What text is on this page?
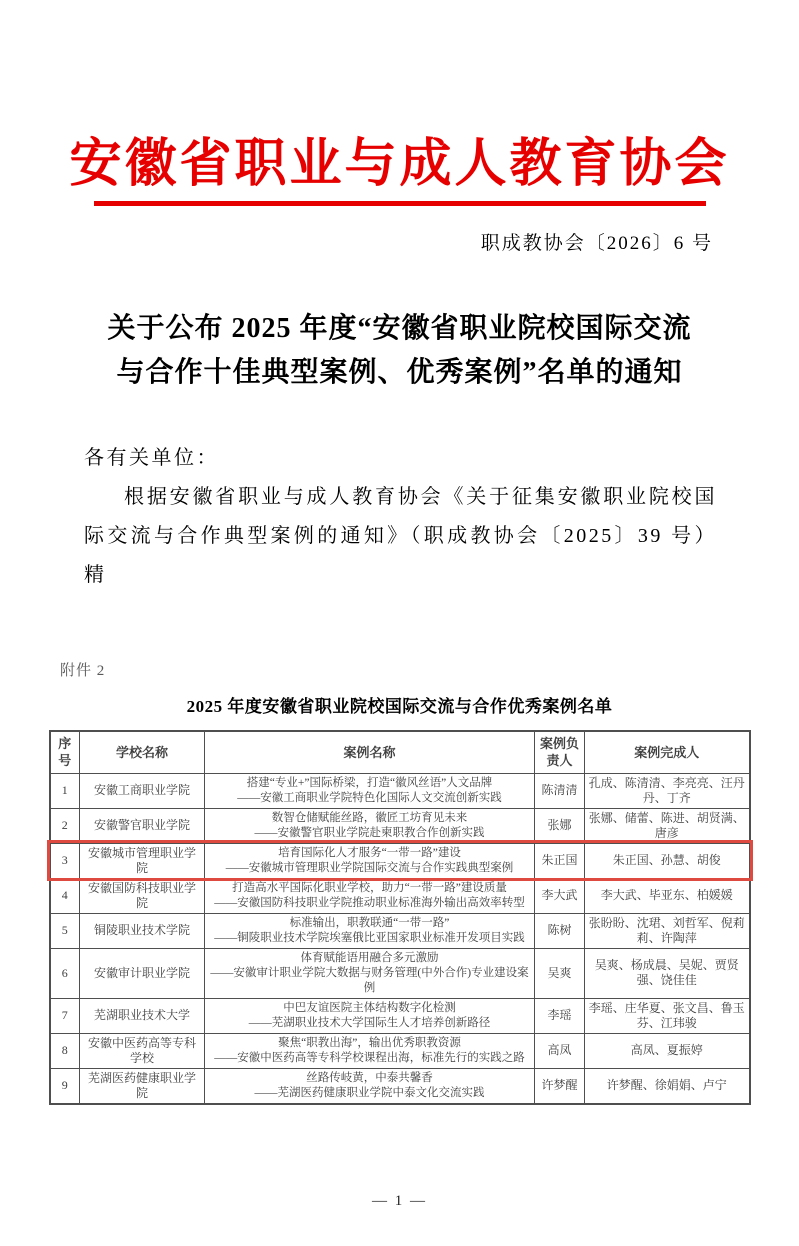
安徽省职业与成人教育协会
职成教协会〔2026〕6 号
关于公布 2025 年度“安徽省职业院校国际交流
与合作十佳典型案例、优秀案例”名单的通知
各有关单位：
根据安徽省职业与成人教育协会《关于征集安徽职业院校国际交流与合作典型案例的通知》（职成教协会〔2025〕39 号）精
附件 2
2025 年度安徽省职业院校国际交流与合作优秀案例名单
序号	学校名称	案例名称	案例负责人	案例完成人
1	安徽工商职业学院	搭建“专业+”国际桥梁，打造“徽风丝语”人文品牌
——安徽工商职业学院特色化国际人文交流创新实践	陈清清	孔成、陈清清、李亮亮、汪丹丹、丁齐
2	安徽警官职业学院	数智仓储赋能丝路，徽匠工坊育见未来
——安徽警官职业学院赴柬职教合作创新实践	张娜	张娜、储蕾、陈进、胡贤满、唐彦
3	安徽城市管理职业学院	培育国际化人才服务“一带一路”建设
——安徽城市管理职业学院国际交流与合作实践典型案例	朱正国	朱正国、孙慧、胡俊
4	安徽国防科技职业学院	打造高水平国际化职业学校，助力“一带一路”建设质量
——安徽国防科技职业学院推动职业标准海外输出高效率转型	李大武	李大武、毕亚东、柏媛媛
5	铜陵职业技术学院	标准输出，职教联通“一带一路”
——铜陵职业技术学院埃塞俄比亚国家职业标准开发项目实践	陈树	张盼盼、沈珺、刘哲军、倪莉莉、许陶萍
6	安徽审计职业学院	体育赋能语用融合多元激励
——安徽审计职业学院大数据与财务管理(中外合作)专业建设案例	吴爽	吴爽、杨成晨、吴妮、贾贤强、饶佳佳
7	芜湖职业技术大学	中巴友谊医院主体结构数字化检测
——芜湖职业技术大学国际生人才培养创新路径	李瑶	李瑶、庄华夏、张文昌、鲁玉芬、江玮骏
8	安徽中医药高等专科学校	聚焦“职教出海”，输出优秀职教资源
——安徽中医药高等专科学校课程出海，标准先行的实践之路	高凤	高凤、夏振婷
9	芜湖医药健康职业学院	丝路传岐黄，中泰共馨香
——芜湖医药健康职业学院中泰文化交流实践	许梦醒	许梦醒、徐娟娟、卢宁
— 1 —
